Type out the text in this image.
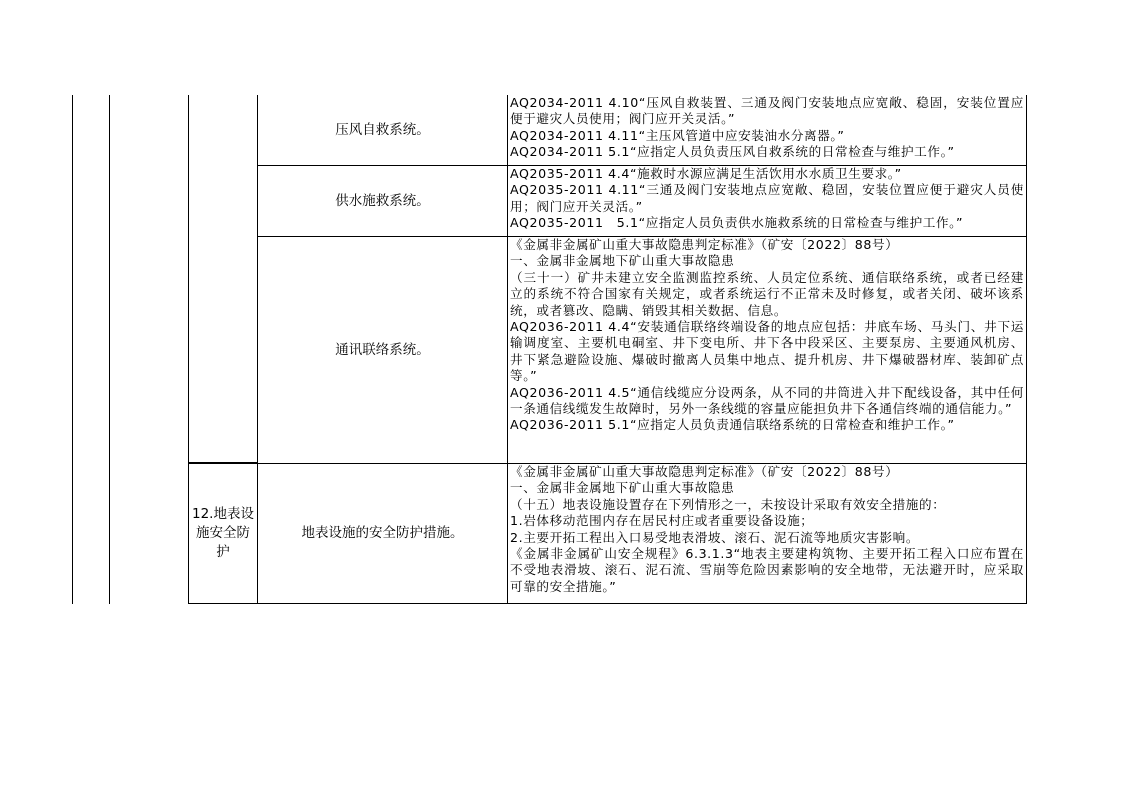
压风自救系统。
AQ2034-2011 4.10“压风自救装置、三通及阀门安装地点应宽敞、稳固，安装位置应便于避灾人员使用；阀门应开关灵活。”
AQ2034-2011 4.11“主压风管道中应安装油水分离器。”
AQ2034-2011 5.1“应指定人员负责压风自救系统的日常检查与维护工作。”
供水施救系统。
AQ2035-2011 4.4“施救时水源应满足生活饮用水水质卫生要求。”
AQ2035-2011 4.11“三通及阀门安装地点应宽敞、稳固，安装位置应便于避灾人员使用；阀门应开关灵活。”
AQ2035-2011　5.1“应指定人员负责供水施救系统的日常检查与维护工作。”
通讯联络系统。
《金属非金属矿山重大事故隐患判定标准》（矿安〔2022〕88号）
一、金属非金属地下矿山重大事故隐患
（三十一）矿井未建立安全监测监控系统、人员定位系统、通信联络系统，或者已经建立的系统不符合国家有关规定，或者系统运行不正常未及时修复，或者关闭、破坏该系统，或者篡改、隐瞒、销毁其相关数据、信息。
AQ2036-2011 4.4“安装通信联络终端设备的地点应包括：井底车场、马头门、井下运输调度室、主要机电硐室、井下变电所、井下各中段采区、主要泵房、主要通风机房、井下紧急避险设施、爆破时撤离人员集中地点、提升机房、井下爆破器材库、装卸矿点等。”
AQ2036-2011 4.5“通信线缆应分设两条，从不同的井筒进入井下配线设备，其中任何一条通信线缆发生故障时，另外一条线缆的容量应能担负井下各通信终端的通信能力。”
AQ2036-2011 5.1“应指定人员负责通信联络系统的日常检查和维护工作。”
12.地表设施安全防护
地表设施的安全防护措施。
《金属非金属矿山重大事故隐患判定标准》（矿安〔2022〕88号）
一、金属非金属地下矿山重大事故隐患
（十五）地表设施设置存在下列情形之一，未按设计采取有效安全措施的：
1.岩体移动范围内存在居民村庄或者重要设备设施；
2.主要开拓工程出入口易受地表滑坡、滚石、泥石流等地质灾害影响。
《金属非金属矿山安全规程》6.3.1.3“地表主要建构筑物、主要开拓工程入口应布置在不受地表滑坡、滚石、泥石流、雪崩等危险因素影响的安全地带，无法避开时，应采取可靠的安全措施。”
